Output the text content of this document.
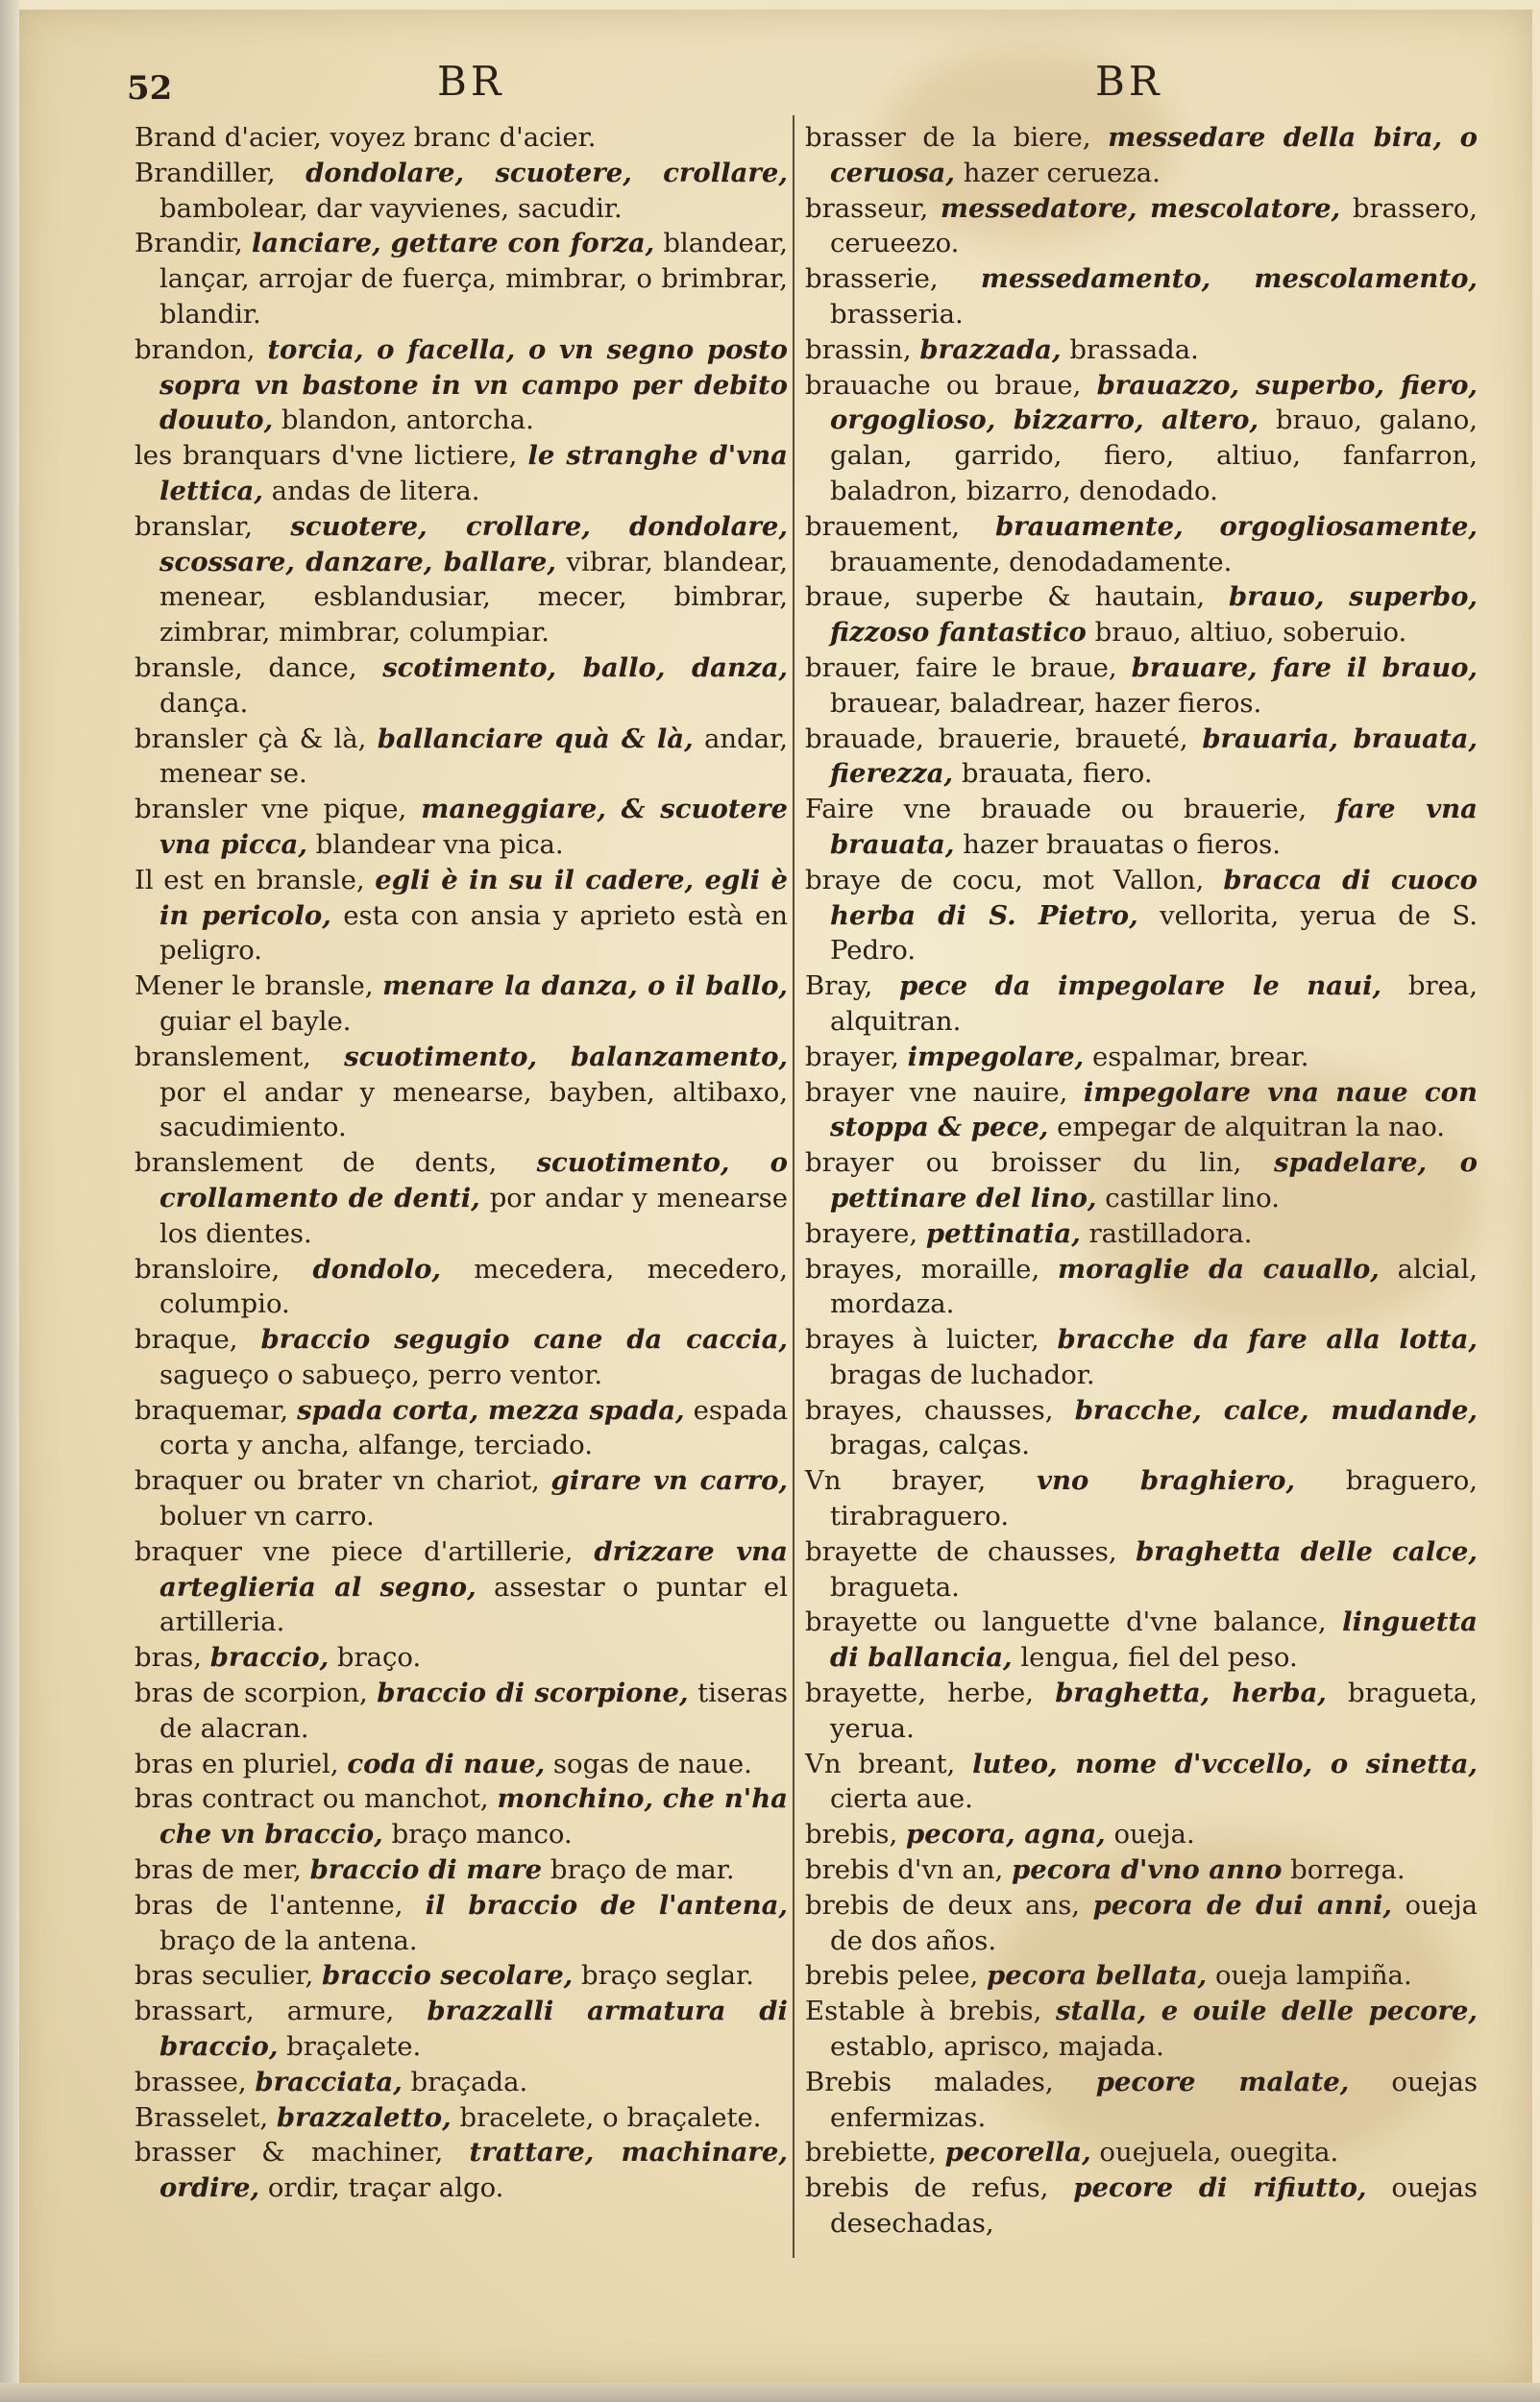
52	BR	BR

Brand d'acier, voyez branc d'acier.

Brandiller, dondolare, scuotere, crollare, bambolear, dar vayvienes, sacudir.

Brandir, lanciare, gettare con forza, blandear, lançar, arrojar de fuerça, mimbrar, o brimbrar, blandir.

brandon, torcia, o facella, o vn segno posto sopra vn bastone in vn campo per debito douuto, blandon, antorcha.

les branquars d'vne lictiere, le stranghe d'vna lettica, andas de litera.

branslar, scuotere, crollare, dondolare, scossare, danzare, ballare, vibrar, blandear, menear, esblandusiar, mecer, bimbrar, zimbrar, mimbrar, columpiar.

bransle, dance, scotimento, ballo, danza, dança.

bransler çà & là, ballanciare quà & là, andar, menear se.

bransler vne pique, maneggiare, & scuotere vna picca, blandear vna pica.

Il est en bransle, egli è in su il cadere, egli è in pericolo, esta con ansia y aprieto està en peligro.

Mener le bransle, menare la danza, o il ballo, guiar el bayle.

branslement, scuotimento, balanzamento, por el andar y menearse, bayben, altibaxo, sacudimiento.

branslement de dents, scuotimento, o crollamento de denti, por andar y menearse los dientes.

bransloire, dondolo, mecedera, mecedero, columpio.

braque, braccio segugio cane da caccia, sagueço o sabueço, perro ventor.

braquemar, spada corta, mezza spada, espada corta y ancha, alfange, terciado.

braquer ou brater vn chariot, girare vn carro, boluer vn carro.

braquer vne piece d'artillerie, drizzare vna arteglieria al segno, assestar o puntar el artilleria.

bras, braccio, braço.

bras de scorpion, braccio di scorpione, tiseras de alacran.

bras en pluriel, coda di naue, sogas de naue.

bras contract ou manchot, monchino, che n'ha che vn braccio, braço manco.

bras de mer, braccio di mare braço de mar.

bras de l'antenne, il braccio de l'antena, braço de la antena.

bras seculier, braccio secolare, braço seglar.

brassart, armure, brazzalli armatura di braccio, braçalete.

brassee, bracciata, braçada.

Brasselet, brazzaletto, bracelete, o braçalete.

brasser & machiner, trattare, machinare, ordire, ordir, traçar algo.

brasser de la biere, messedare della bira, o ceruosa, hazer cerueza.

brasseur, messedatore, mescolatore, brassero, cerueezo.

brasserie, messedamento, mescolamento, brasseria.

brassin, brazzada, brassada.

brauache ou braue, brauazzo, superbo, fiero, orgoglioso, bizzarro, altero, brauo, galano, galan, garrido, fiero, altiuo, fanfarron, baladron, bizarro, denodado.

brauement, brauamente, orgogliosamente, brauamente, denodadamente.

braue, superbe & hautain, brauo, superbo, fizzoso fantastico brauo, altiuo, soberuio.

brauer, faire le braue, brauare, fare il brauo, brauear, baladrear, hazer fieros.

brauade, brauerie, braueté, brauaria, brauata, fierezza, brauata, fiero.

Faire vne brauade ou brauerie, fare vna brauata, hazer brauatas o fieros.

braye de cocu, mot Vallon, bracca di cuoco herba di S. Pietro, vellorita, yerua de S. Pedro.

Bray, pece da impegolare le naui, brea, alquitran.

brayer, impegolare, espalmar, brear.

brayer vne nauire, impegolare vna naue con stoppa & pece, empegar de alquitran la nao.

brayer ou broisser du lin, spadelare, o pettinare del lino, castillar lino.

brayere, pettinatia, rastilladora.

brayes, moraille, moraglie da cauallo, alcial, mordaza.

brayes à luicter, bracche da fare alla lotta, bragas de luchador.

brayes, chausses, bracche, calce, mudande, bragas, calças.

Vn brayer, vno braghiero, braguero, tirabraguero.

brayette de chausses, braghetta delle calce, bragueta.

brayette ou languette d'vne balance, linguetta di ballancia, lengua, fiel del peso.

brayette, herbe, braghetta, herba, bragueta, yerua.

Vn breant, luteo, nome d'vccello, o sinetta, cierta aue.

brebis, pecora, agna, oueja.

brebis d'vn an, pecora d'vno anno borrega.

brebis de deux ans, pecora de dui anni, oueja de dos años.

brebis pelee, pecora bellata, oueja lampiña.

Estable à brebis, stalla, e ouile delle pecore, establo, aprisco, majada.

Brebis malades, pecore malate, ouejas enfermizas.

brebiette, pecorella, ouejuela, ouegita.

brebis de refus, pecore di rifiutto, ouejas desechadas,
